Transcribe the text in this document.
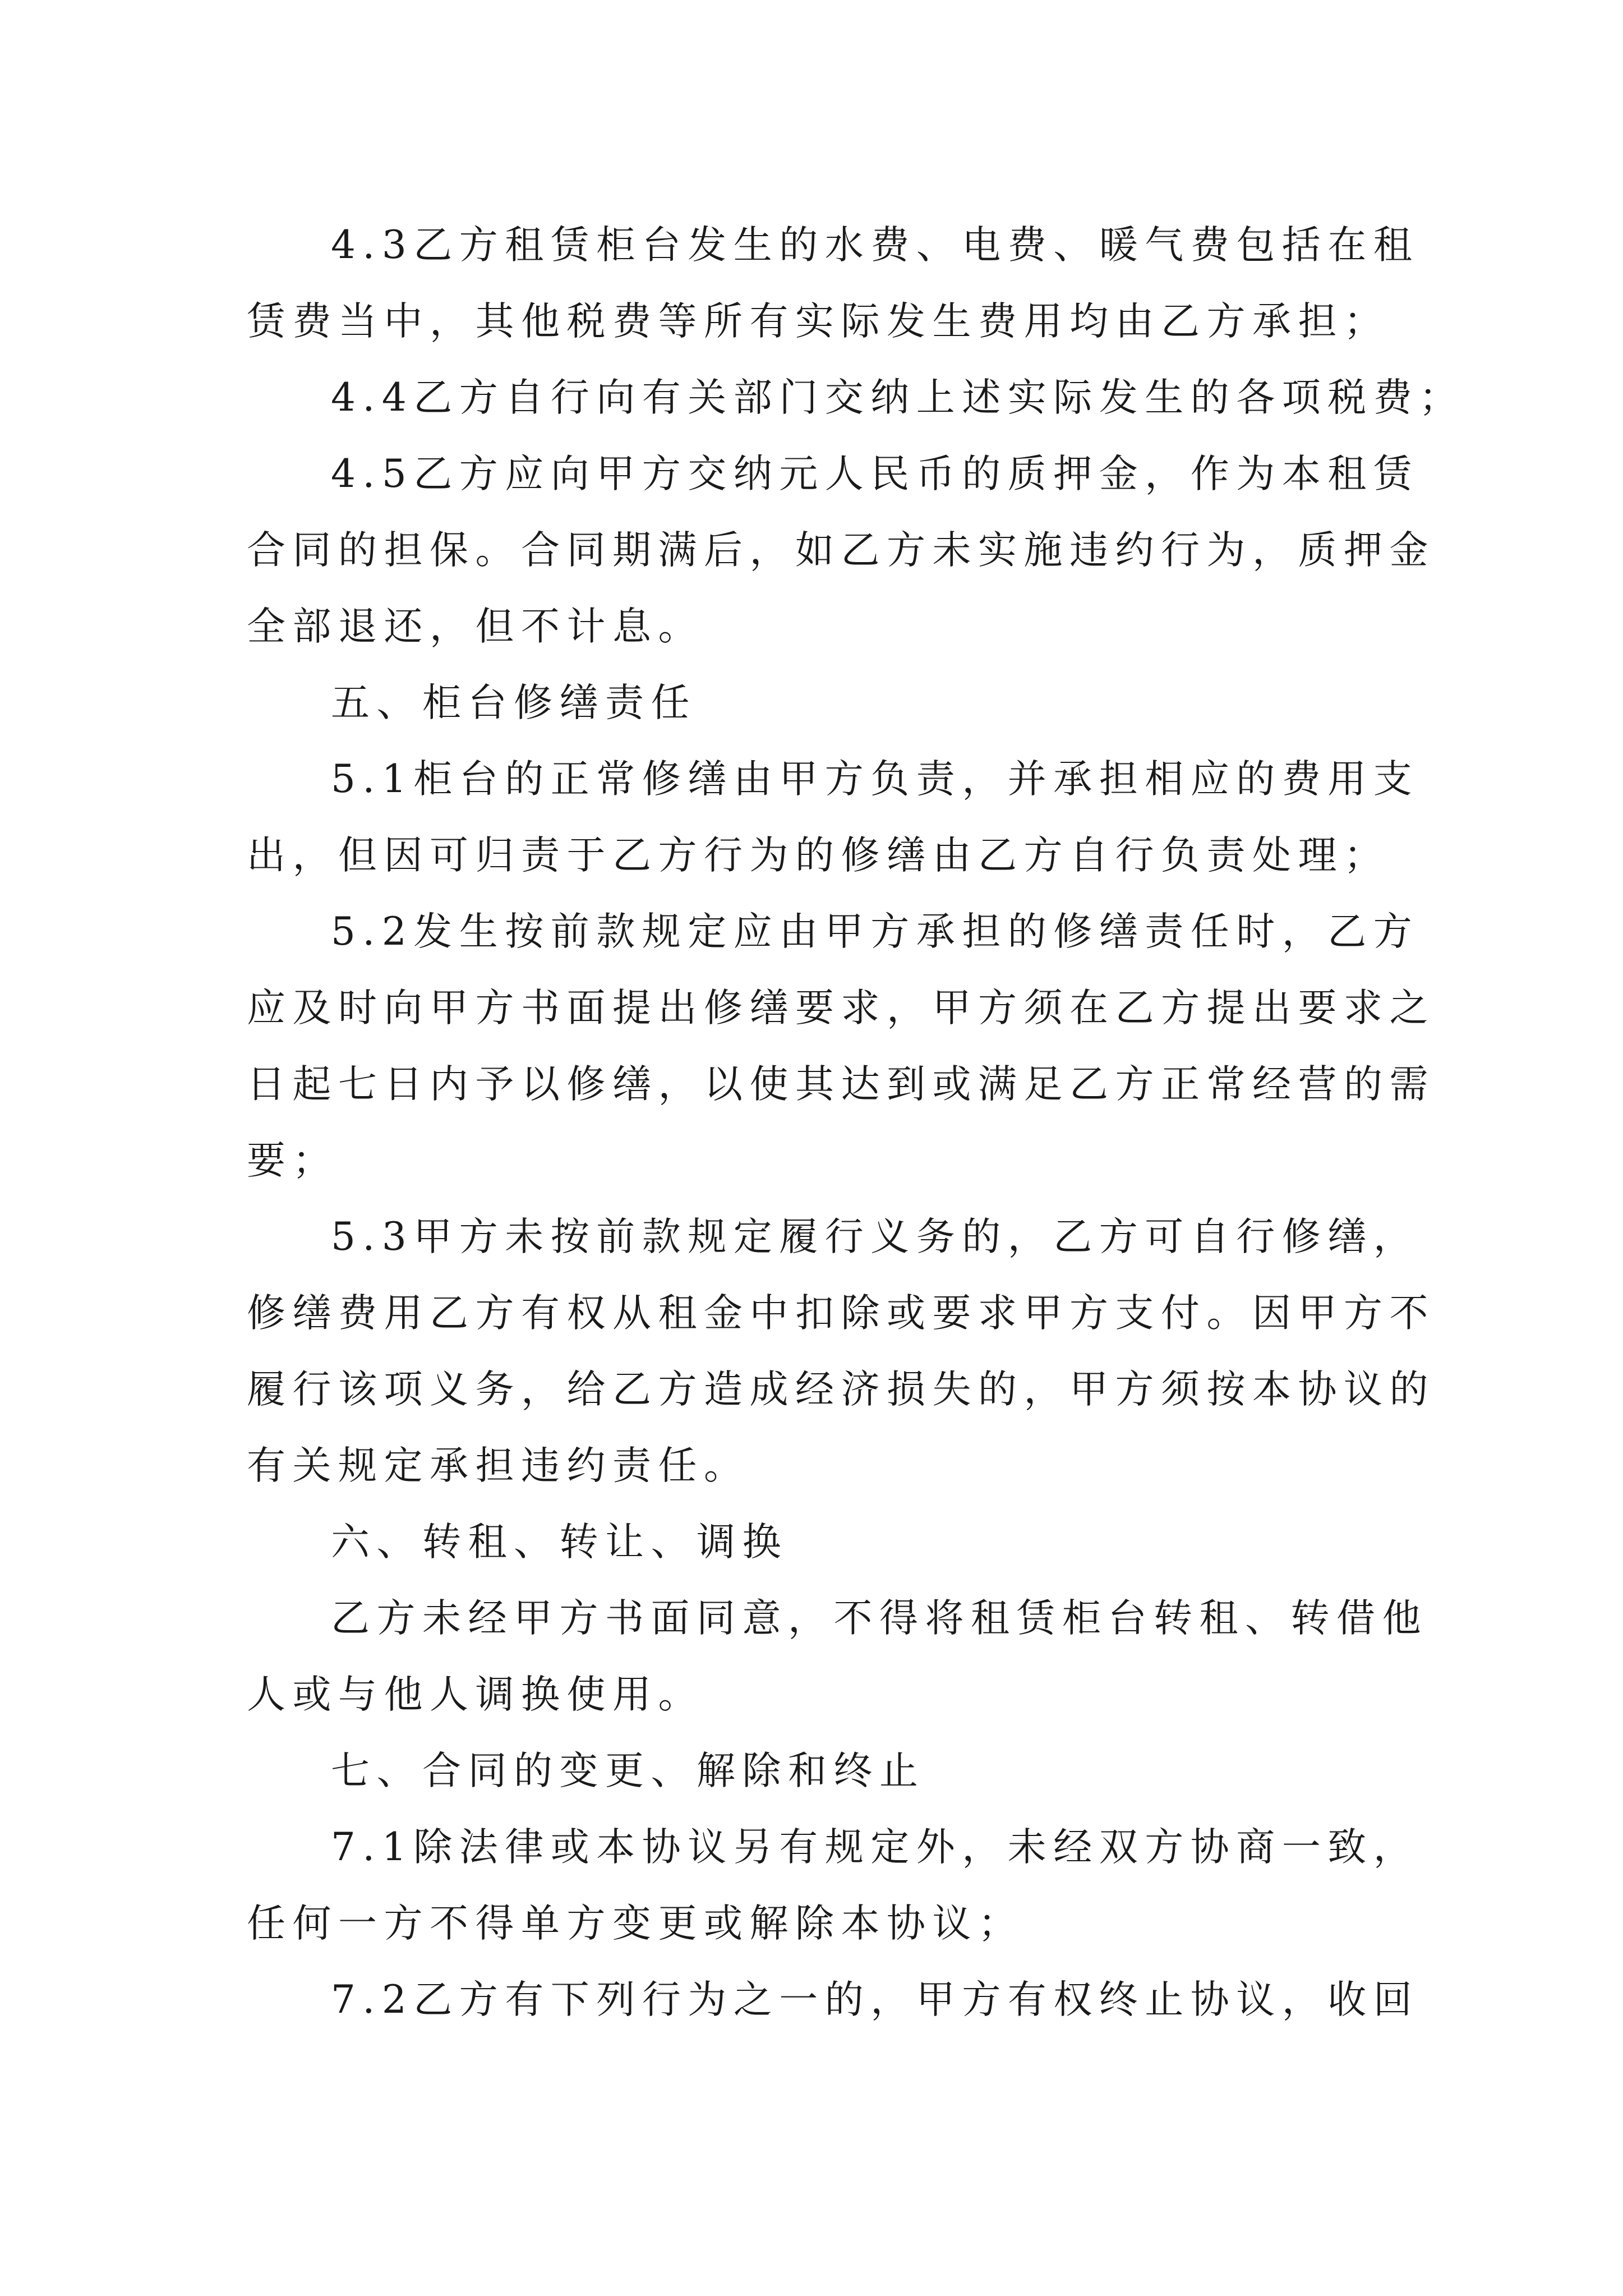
4.3乙方租赁柜台发生的水费、电费、暖气费包括在租
赁费当中，其他税费等所有实际发生费用均由乙方承担；
4.4乙方自行向有关部门交纳上述实际发生的各项税费；
4.5乙方应向甲方交纳元人民币的质押金，作为本租赁
合同的担保。合同期满后，如乙方未实施违约行为，质押金
全部退还，但不计息。
五、柜台修缮责任
5.1柜台的正常修缮由甲方负责，并承担相应的费用支
出，但因可归责于乙方行为的修缮由乙方自行负责处理；
5.2发生按前款规定应由甲方承担的修缮责任时，乙方
应及时向甲方书面提出修缮要求，甲方须在乙方提出要求之
日起七日内予以修缮，以使其达到或满足乙方正常经营的需
要；
5.3甲方未按前款规定履行义务的，乙方可自行修缮，
修缮费用乙方有权从租金中扣除或要求甲方支付。因甲方不
履行该项义务，给乙方造成经济损失的，甲方须按本协议的
有关规定承担违约责任。
六、转租、转让、调换
乙方未经甲方书面同意，不得将租赁柜台转租、转借他
人或与他人调换使用。
七、合同的变更、解除和终止
7.1除法律或本协议另有规定外，未经双方协商一致，
任何一方不得单方变更或解除本协议；
7.2乙方有下列行为之一的，甲方有权终止协议，收回
